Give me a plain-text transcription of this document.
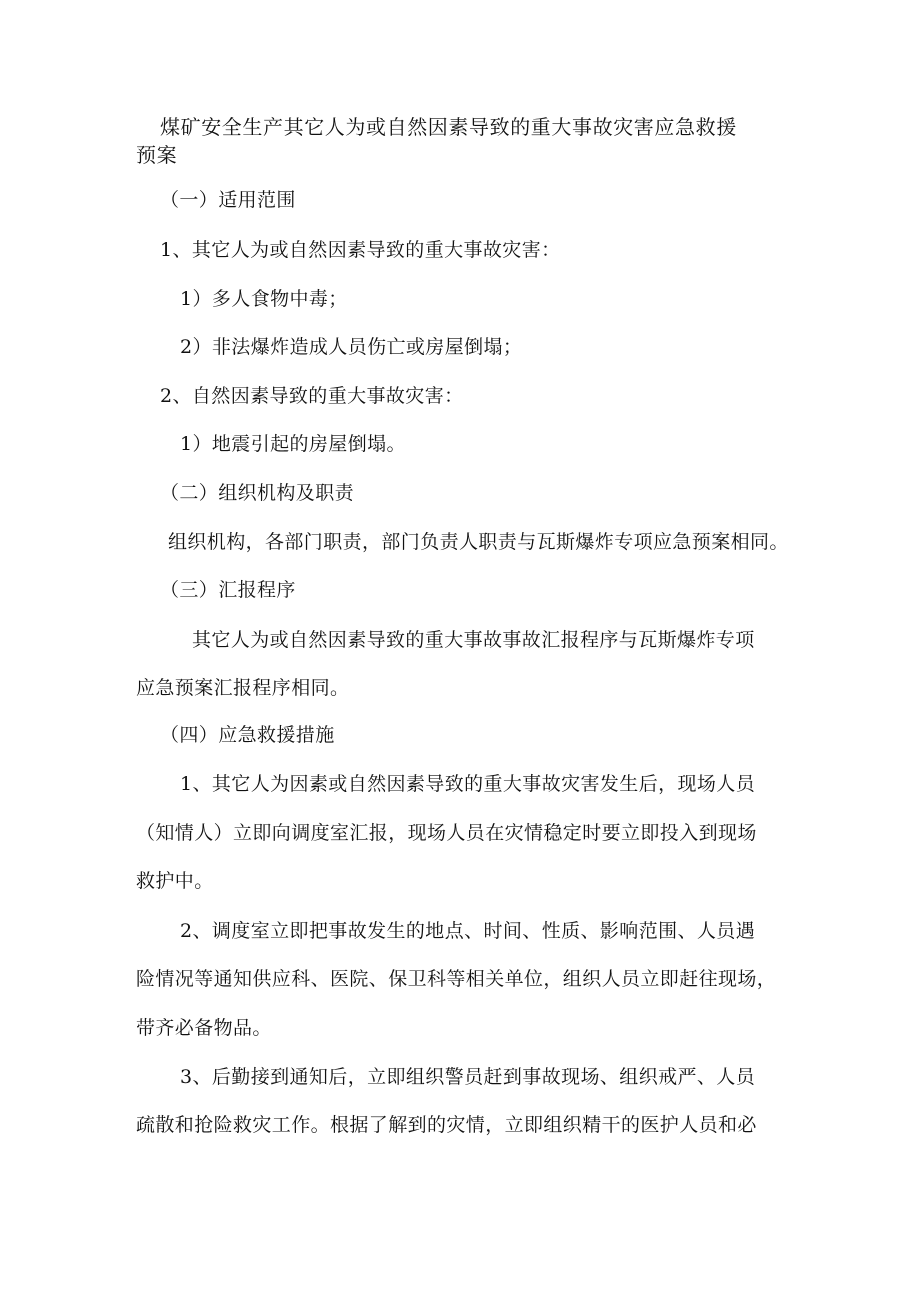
煤矿安全生产其它人为或自然因素导致的重大事故灾害应急救援

预案

（一）适用范围

1、其它人为或自然因素导致的重大事故灾害：

1）多人食物中毒；

2）非法爆炸造成人员伤亡或房屋倒塌；

2、自然因素导致的重大事故灾害：

1）地震引起的房屋倒塌。

（二）组织机构及职责

组织机构，各部门职责，部门负责人职责与瓦斯爆炸专项应急预案相同。

（三）汇报程序

其它人为或自然因素导致的重大事故事故汇报程序与瓦斯爆炸专项

应急预案汇报程序相同。

（四）应急救援措施

1、其它人为因素或自然因素导致的重大事故灾害发生后，现场人员

（知情人）立即向调度室汇报，现场人员在灾情稳定时要立即投入到现场

救护中。

2、调度室立即把事故发生的地点、时间、性质、影响范围、人员遇

险情况等通知供应科、医院、保卫科等相关单位，组织人员立即赶往现场，

带齐必备物品。

3、后勤接到通知后，立即组织警员赶到事故现场、组织戒严、人员

疏散和抢险救灾工作。根据了解到的灾情，立即组织精干的医护人员和必
